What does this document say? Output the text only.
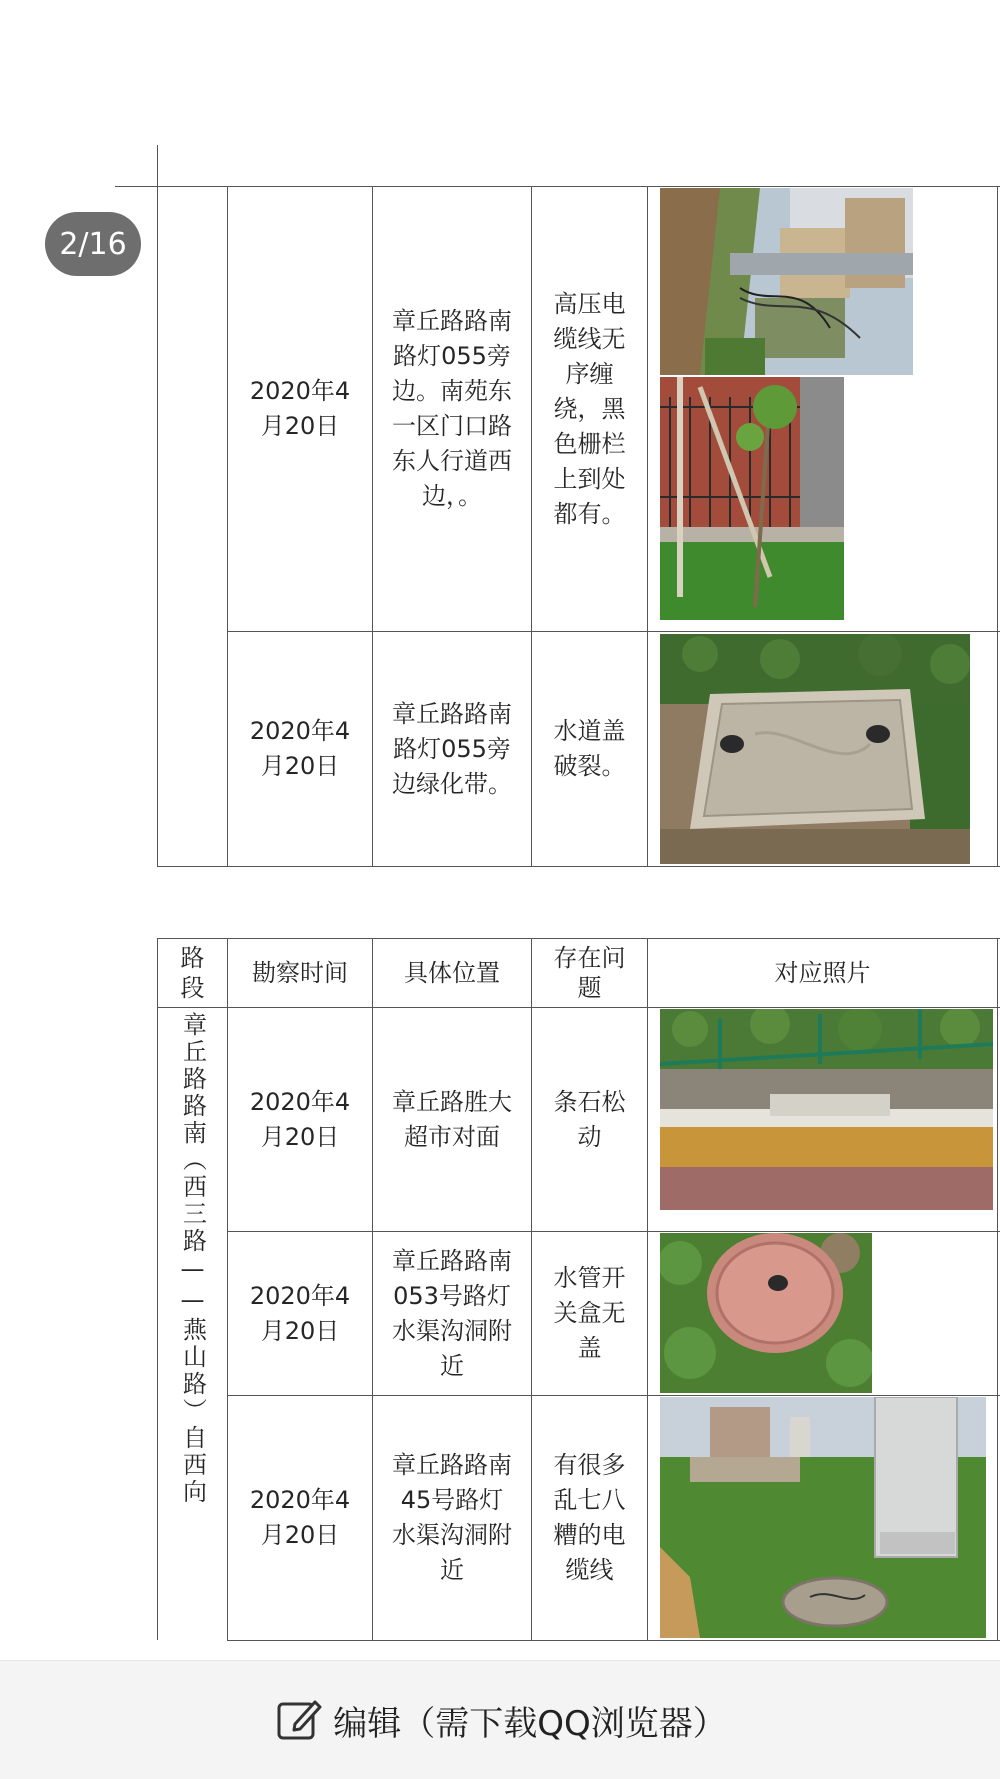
2/16
2020年4
月20日
章丘路路南
路灯055旁
边。南苑东
一区门口路
东人行道西
边，。
高压电
缆线无
序缠
绕，黑
色栅栏
上到处
都有。
2020年4
月20日
章丘路路南
路灯055旁
边绿化带。
水道盖
破裂。
路
段
勘察时间	具体位置
存在问
题
对应照片
章丘路路南（西三路——燕山路）自西向	2020年4
月20日
章丘路胜大
超市对面
条石松
动
2020年4
月20日
章丘路路南
053号路灯
水渠沟洞附
近
水管开
关盒无
盖
2020年4
月20日
章丘路路南
45号路灯
水渠沟洞附
近
有很多
乱七八
糟的电
缆线
编辑（需下载QQ浏览器）
